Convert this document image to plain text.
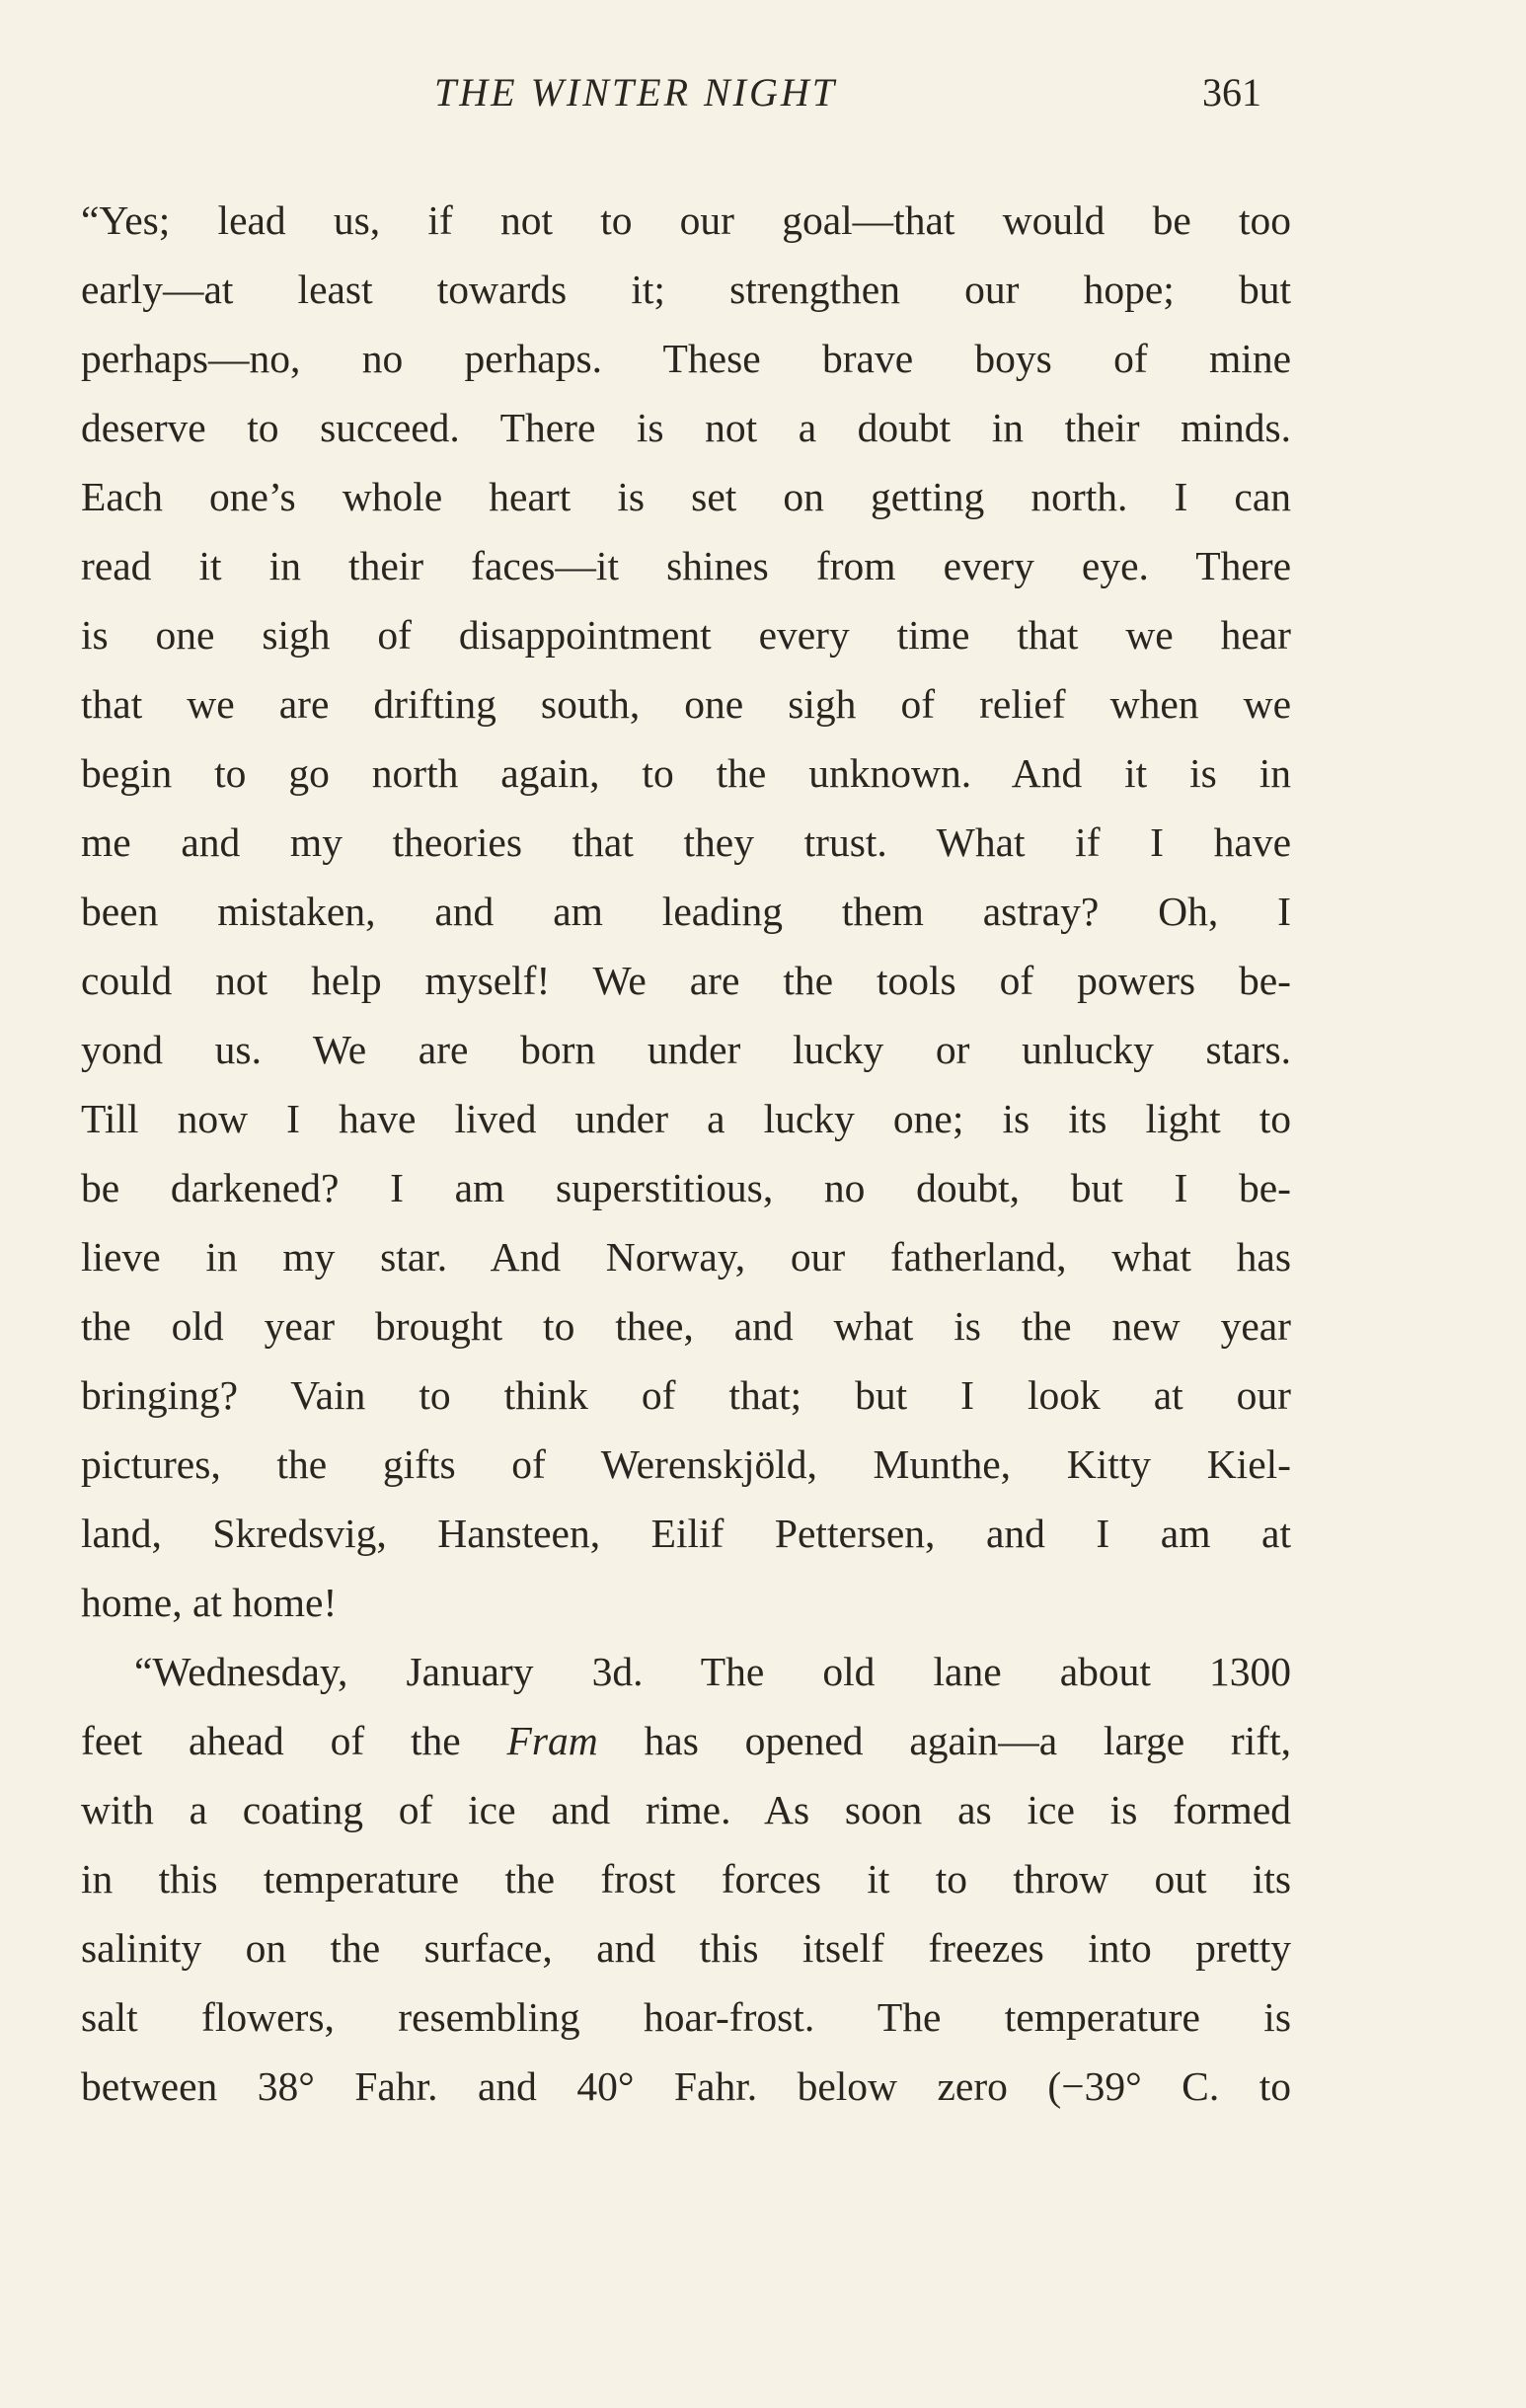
THE WINTER NIGHT	361
“Yes; lead us, if not to our goal—that would be too
early—at least towards it; strengthen our hope; but
perhaps—no, no perhaps. These brave boys of mine
deserve to succeed. There is not a doubt in their minds.
Each one’s whole heart is set on getting north. I can
read it in their faces—it shines from every eye. There
is one sigh of disappointment every time that we hear
that we are drifting south, one sigh of relief when we
begin to go north again, to the unknown. And it is in
me and my theories that they trust. What if I have
been mistaken, and am leading them astray? Oh, I
could not help myself! We are the tools of powers be-
yond us. We are born under lucky or unlucky stars.
Till now I have lived under a lucky one; is its light to
be darkened? I am superstitious, no doubt, but I be-
lieve in my star. And Norway, our fatherland, what has
the old year brought to thee, and what is the new year
bringing? Vain to think of that; but I look at our
pictures, the gifts of Werenskjöld, Munthe, Kitty Kiel-
land, Skredsvig, Hansteen, Eilif Pettersen, and I am at
home, at home!
“Wednesday, January 3d. The old lane about 1300
feet ahead of the Fram has opened again—a large rift,
with a coating of ice and rime. As soon as ice is formed
in this temperature the frost forces it to throw out its
salinity on the surface, and this itself freezes into pretty
salt flowers, resembling hoar-frost. The temperature is
between 38° Fahr. and 40° Fahr. below zero (−39° C. to
